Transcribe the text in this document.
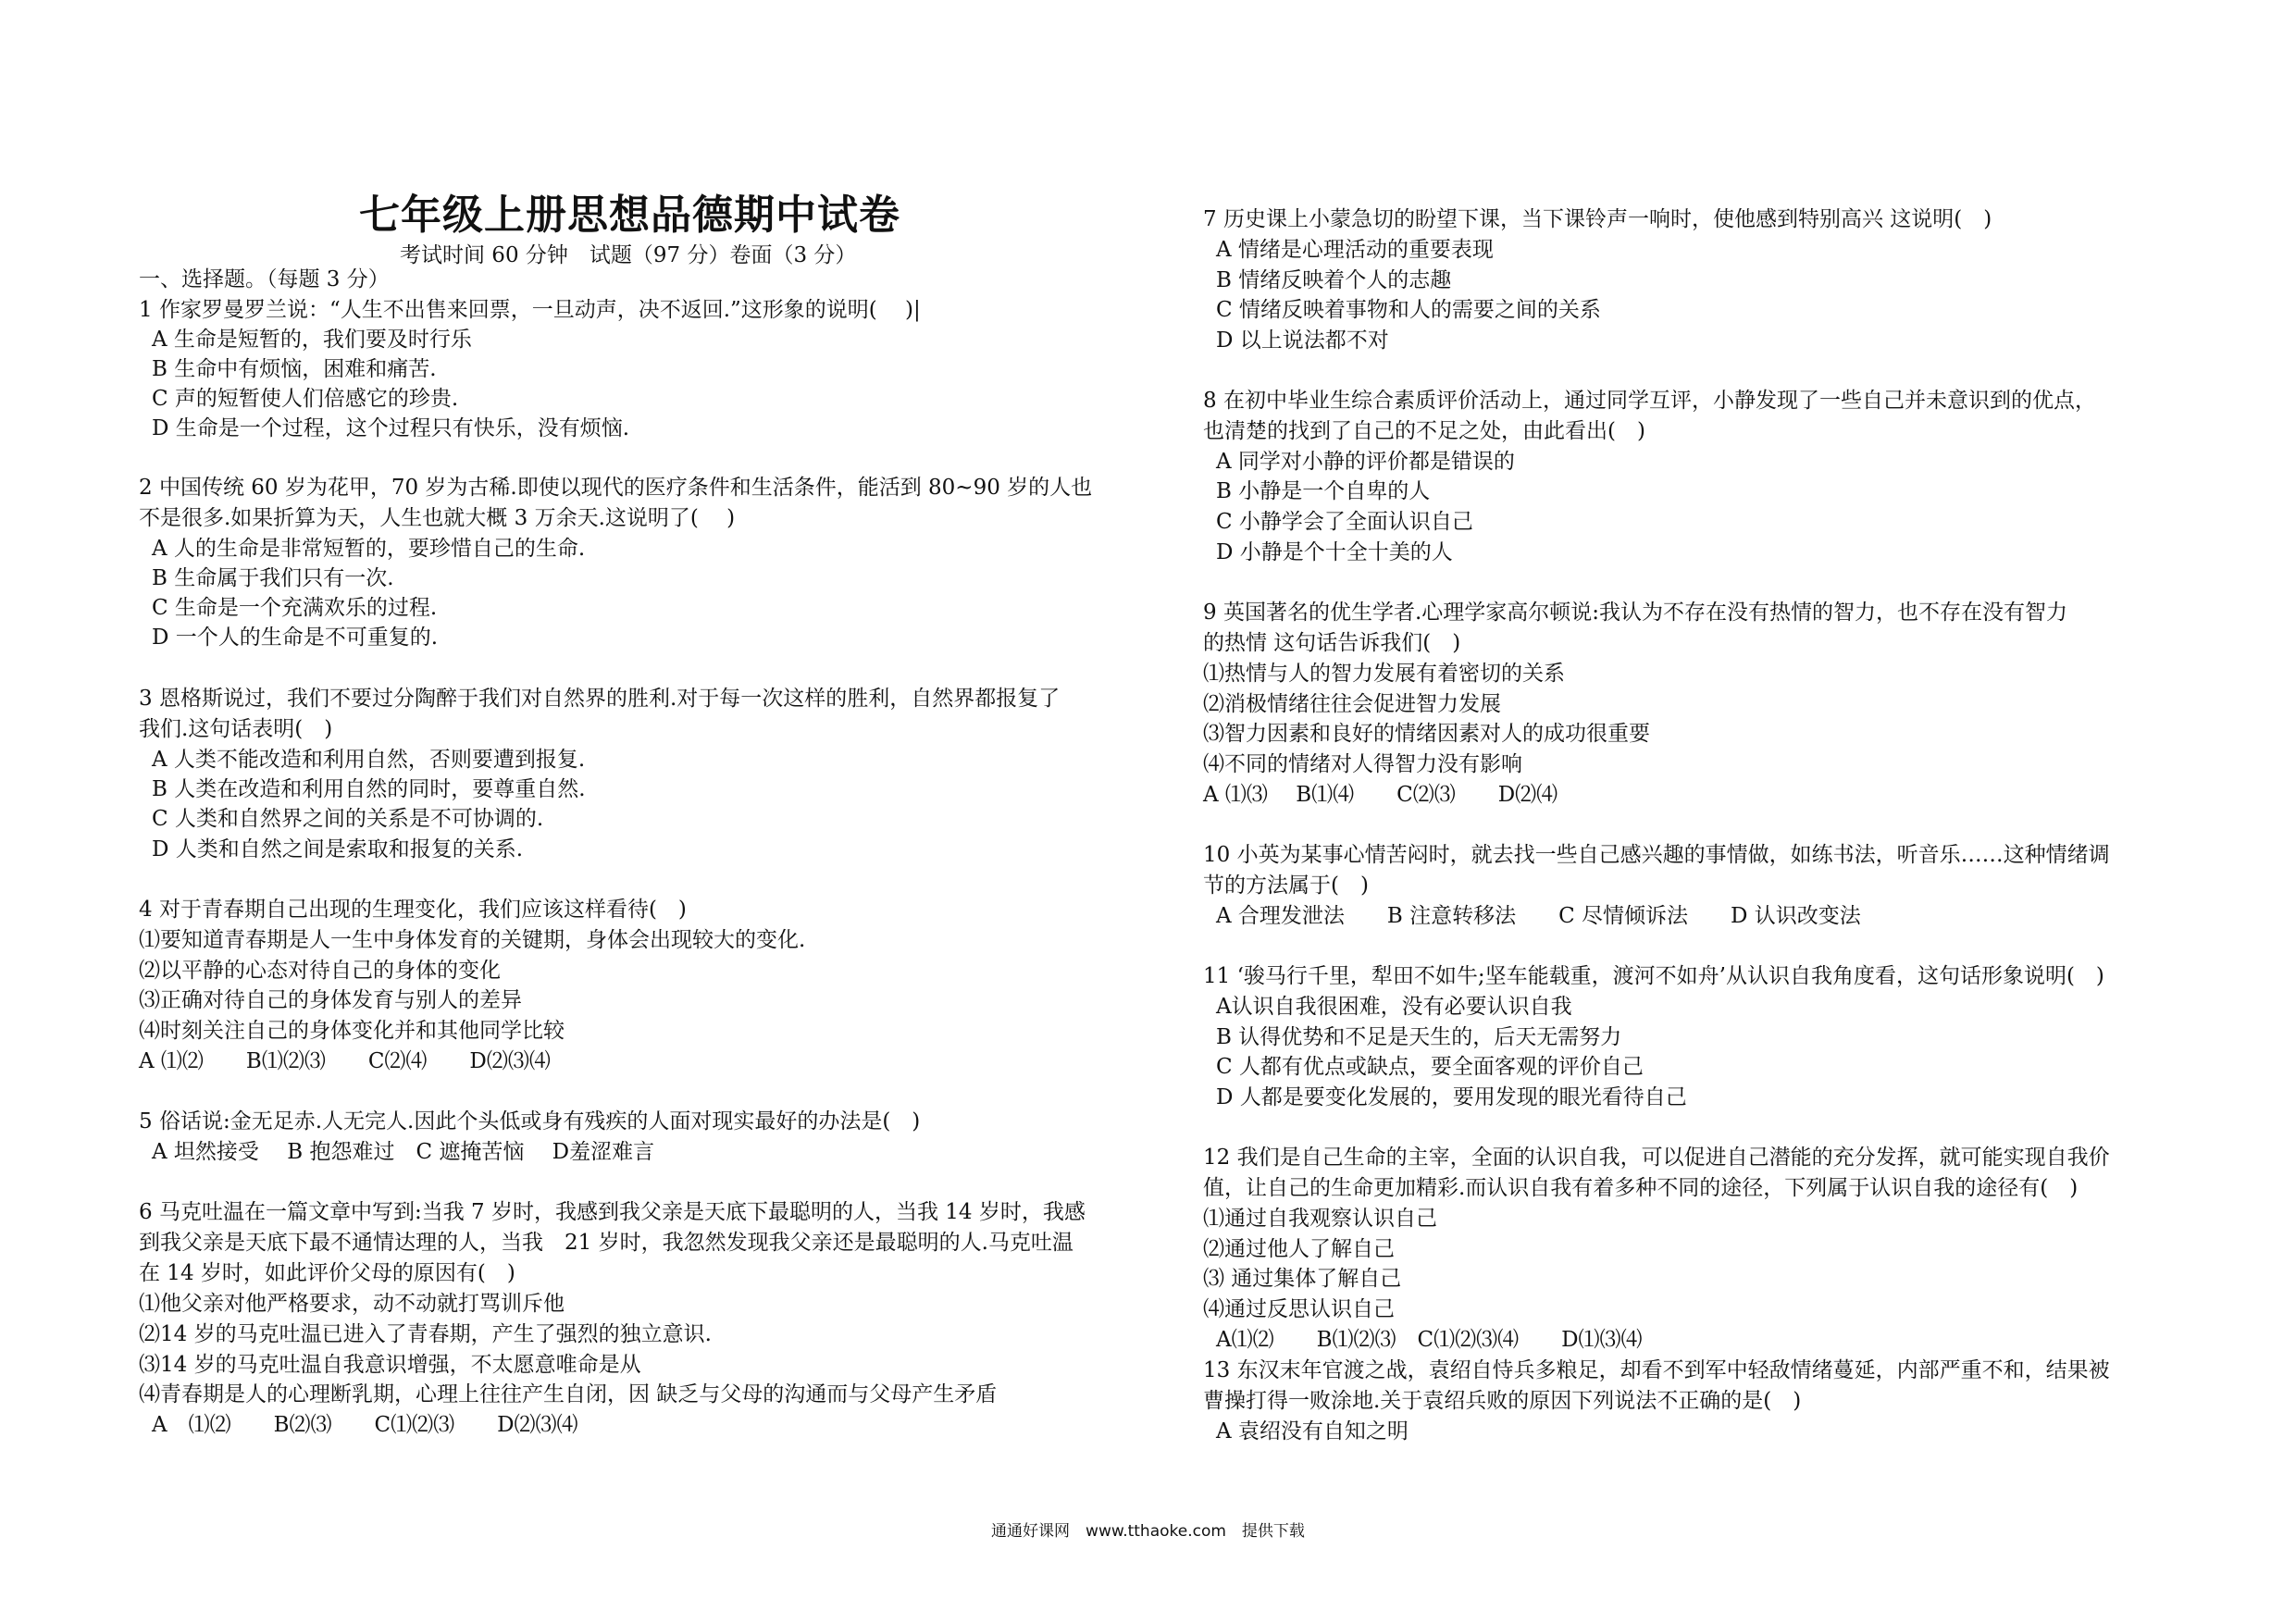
七年级上册思想品德期中试卷
考试时间 60 分钟　试题（97 分）卷面（3 分）
一、选择题。（每题 3 分）
1 作家罗曼罗兰说：“人生不出售来回票，一旦动声，决不返回.”这形象的说明(　 )|
A 生命是短暂的，我们要及时行乐
B 生命中有烦恼，困难和痛苦.
C 声的短暂使人们倍感它的珍贵.
D 生命是一个过程，这个过程只有快乐，没有烦恼.
2 中国传统 60 岁为花甲，70 岁为古稀.即使以现代的医疗条件和生活条件，能活到 80~90 岁的人也
不是很多.如果折算为天，人生也就大概 3 万余天.这说明了(　 )
A 人的生命是非常短暂的，要珍惜自己的生命.
B 生命属于我们只有一次.
C 生命是一个充满欢乐的过程.
D 一个人的生命是不可重复的.
3 恩格斯说过，我们不要过分陶醉于我们对自然界的胜利.对于每一次这样的胜利，自然界都报复了
我们.这句话表明(　)
A 人类不能改造和利用自然，否则要遭到报复.
B 人类在改造和利用自然的同时，要尊重自然.
C 人类和自然界之间的关系是不可协调的.
D 人类和自然之间是索取和报复的关系.
4 对于青春期自己出现的生理变化，我们应该这样看待(　)
⑴要知道青春期是人一生中身体发育的关键期，身体会出现较大的变化.
⑵以平静的心态对待自己的身体的变化
⑶正确对待自己的身体发育与别人的差异
⑷时刻关注自己的身体变化并和其他同学比较
A ⑴⑵　　B⑴⑵⑶　　C⑵⑷　　D⑵⑶⑷
5 俗话说:金无足赤.人无完人.因此个头低或身有残疾的人面对现实最好的办法是(　)
A 坦然接受　 B 抱怨难过　C 遮掩苦恼　 D羞涩难言
6 马克吐温在一篇文章中写到:当我 7 岁时，我感到我父亲是天底下最聪明的人，当我 14 岁时，我感
到我父亲是天底下最不通情达理的人，当我　21 岁时，我忽然发现我父亲还是最聪明的人.马克吐温
在 14 岁时，如此评价父母的原因有(　)
⑴他父亲对他严格要求，动不动就打骂训斥他
⑵14 岁的马克吐温已进入了青春期，产生了强烈的独立意识.
⑶14 岁的马克吐温自我意识增强，不太愿意唯命是从
⑷青春期是人的心理断乳期，心理上往往产生自闭，因 缺乏与父母的沟通而与父母产生矛盾
A　⑴⑵　　B⑵⑶　　C⑴⑵⑶　　D⑵⑶⑷
7 历史课上小蒙急切的盼望下课，当下课铃声一响时，使他感到特别高兴 这说明(　)
A 情绪是心理活动的重要表现
B 情绪反映着个人的志趣
C 情绪反映着事物和人的需要之间的关系
D 以上说法都不对
8 在初中毕业生综合素质评价活动上，通过同学互评，小静发现了一些自己并未意识到的优点，
也清楚的找到了自己的不足之处，由此看出(　)
A 同学对小静的评价都是错误的
B 小静是一个自卑的人
C 小静学会了全面认识自己
D 小静是个十全十美的人
9 英国著名的优生学者.心理学家高尔顿说:我认为不存在没有热情的智力，也不存在没有智力
的热情 这句话告诉我们(　)
⑴热情与人的智力发展有着密切的关系
⑵消极情绪往往会促进智力发展
⑶智力因素和良好的情绪因素对人的成功很重要
⑷不同的情绪对人得智力没有影响
A ⑴⑶　 B⑴⑷　　C⑵⑶　　D⑵⑷
10 小英为某事心情苦闷时，就去找一些自己感兴趣的事情做，如练书法，听音乐……这种情绪调
节的方法属于(　)
A 合理发泄法　　B 注意转移法　　C 尽情倾诉法　　D 认识改变法
11 ‘骏马行千里，犁田不如牛;坚车能载重，渡河不如舟’从认识自我角度看，这句话形象说明(　)
A认识自我很困难，没有必要认识自我
B 认得优势和不足是天生的，后天无需努力
C 人都有优点或缺点，要全面客观的评价自己
D 人都是要变化发展的，要用发现的眼光看待自己
12 我们是自己生命的主宰，全面的认识自我，可以促进自己潜能的充分发挥，就可能实现自我价
值，让自己的生命更加精彩.而认识自我有着多种不同的途径，下列属于认识自我的途径有(　)
⑴通过自我观察认识自己
⑵通过他人了解自己
⑶ 通过集体了解自己
⑷通过反思认识自己
A⑴⑵　　B⑴⑵⑶　C⑴⑵⑶⑷　　D⑴⑶⑷
13 东汉末年官渡之战，袁绍自恃兵多粮足，却看不到军中轻敌情绪蔓延，内部严重不和，结果被
曹操打得一败涂地.关于袁绍兵败的原因下列说法不正确的是(　)
A 袁绍没有自知之明
通通好课网　www.tthaoke.com　提供下载
